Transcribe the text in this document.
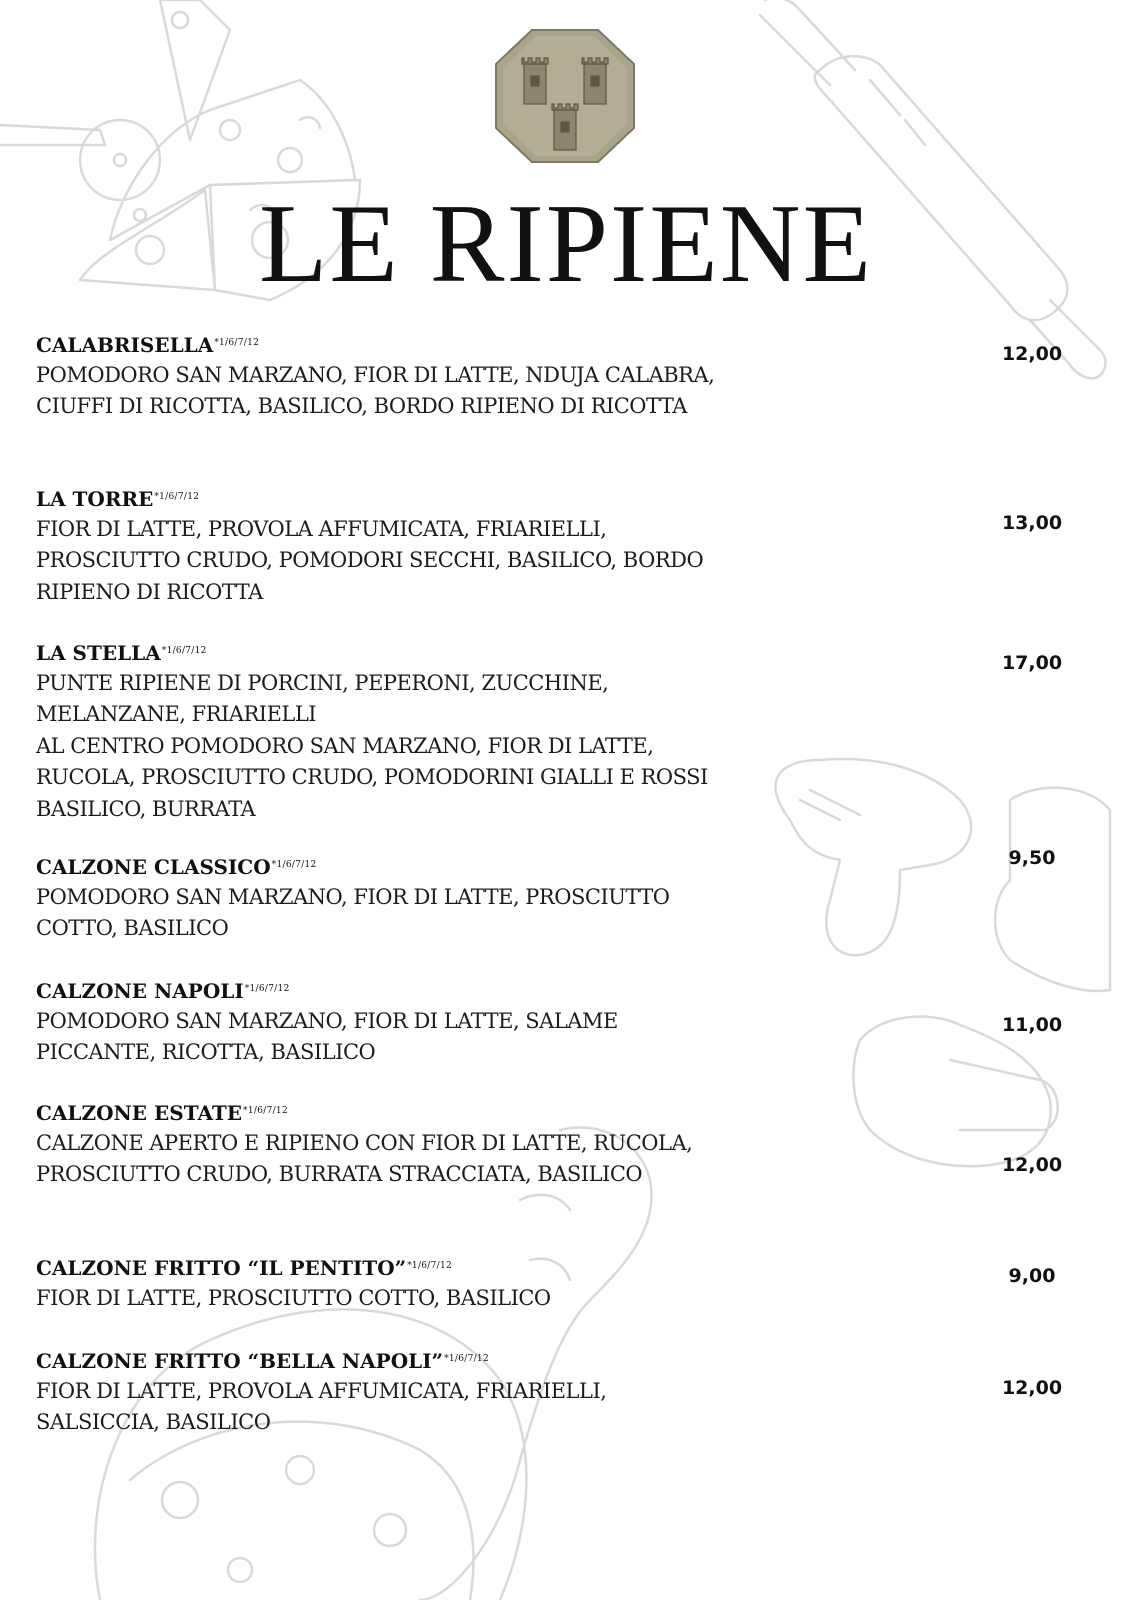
LE RIPIENE
$CALABRISELLA^{*1/6/7/12}$
POMODORO SAN MARZANO, FIOR DI LATTE, NDUJA CALABRA, CIUFFI DI RICOTTA, BASILICO, BORDO RIPIENO DI RICOTTA
12,00
LA $TORRE^{*1/6/7/12}$
FIOR DI LATTE, PROVOLA AFFUMICATA, FRIARIELLI, PROSCIUTTO CRUDO, POMODORI SECCHI, BASILICO, BORDO RIPIENO DI RICOTTA
13,00
LA $STELLA^{*1/6/7/12}$
PUNTE RIPIENE DI PORCINI, PEPERONI, ZUCCHINE, MELANZANE, FRIARIELLI
AL CENTRO POMODORO SAN MARZANO, FIOR DI LATTE, RUCOLA, PROSCIUTTO CRUDO, POMODORINI GIALLI E ROSSI BASILICO, BURRATA
17,00
CALZONE $CLASSICO^{*1/6/7/12}$
POMODORO SAN MARZANO, FIOR DI LATTE, PROSCIUTTO COTTO, BASILICO
9,50
CALZONE $NAPOLI^{*1/6/7/12}$
POMODORO SAN MARZANO, FIOR DI LATTE, SALAME PICCANTE, RICOTTA, BASILICO
11,00
CALZONE $ESTATE^{*1/6/7/12}$
CALZONE APERTO E RIPIENO CON FIOR DI LATTE, RUCOLA, PROSCIUTTO CRUDO, BURRATA STRACCIATA, BASILICO	12,00
CALZONE FRITTO “IL PENTITO”$^{*1/6/7/12}$
FIOR DI LATTE, PROSCIUTTO COTTO, BASILICO
9,00
CALZONE FRITTO “BELLA NAPOLI”$^{*1/6/7/12}$
FIOR DI LATTE, PROVOLA AFFUMICATA, FRIARIELLI, SALSICCIA, BASILICO
12,00
